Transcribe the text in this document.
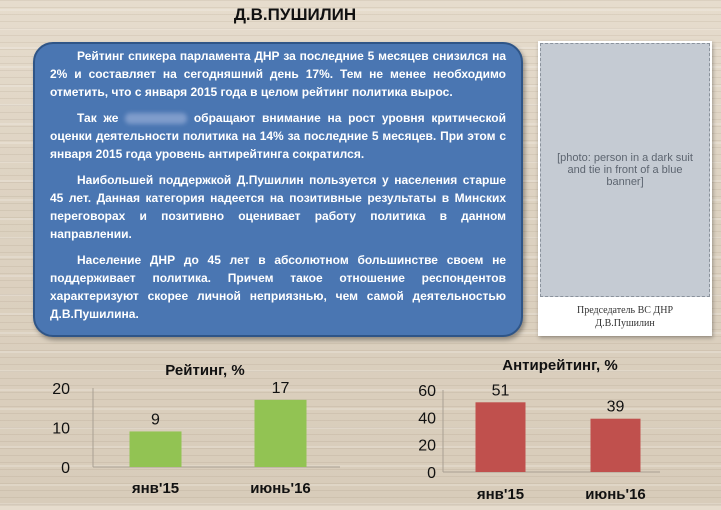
Д.В.ПУШИЛИН

Рейтинг спикера парламента ДНР за последние 5 месяцев снизился на 2% и составляет на сегодняшний день 17%. Тем не менее необходимо отметить, что с января 2015 года в целом рейтинг политика вырос.

Так же	обращают внимание на рост уровня критической оценки деятельности политика на 14% за последние 5 месяцев. При этом с января 2015 года уровень антирейтинга сократился.

Наибольшей поддержкой Д.Пушилин пользуется у населения старше 45 лет. Данная категория надеется на позитивные результаты в Минских переговорах и позитивно оценивает работу политика в данном направлении.

Население ДНР до 45 лет в абсолютном большинстве своем не поддерживает политика. Причем такое отношение респондентов характеризуют скорее личной неприязнью, чем самой деятельностью Д.В.Пушилина.

[photo: person in a dark suit and tie in front of a blue banner]
Председатель ВС ДНР
Д.В.Пушилин
Рейтинг, %
0
10
20
9
янв'15
17
июнь'16
Антирейтинг, %
0
20
40
60	51
янв'15
39
июнь'16
